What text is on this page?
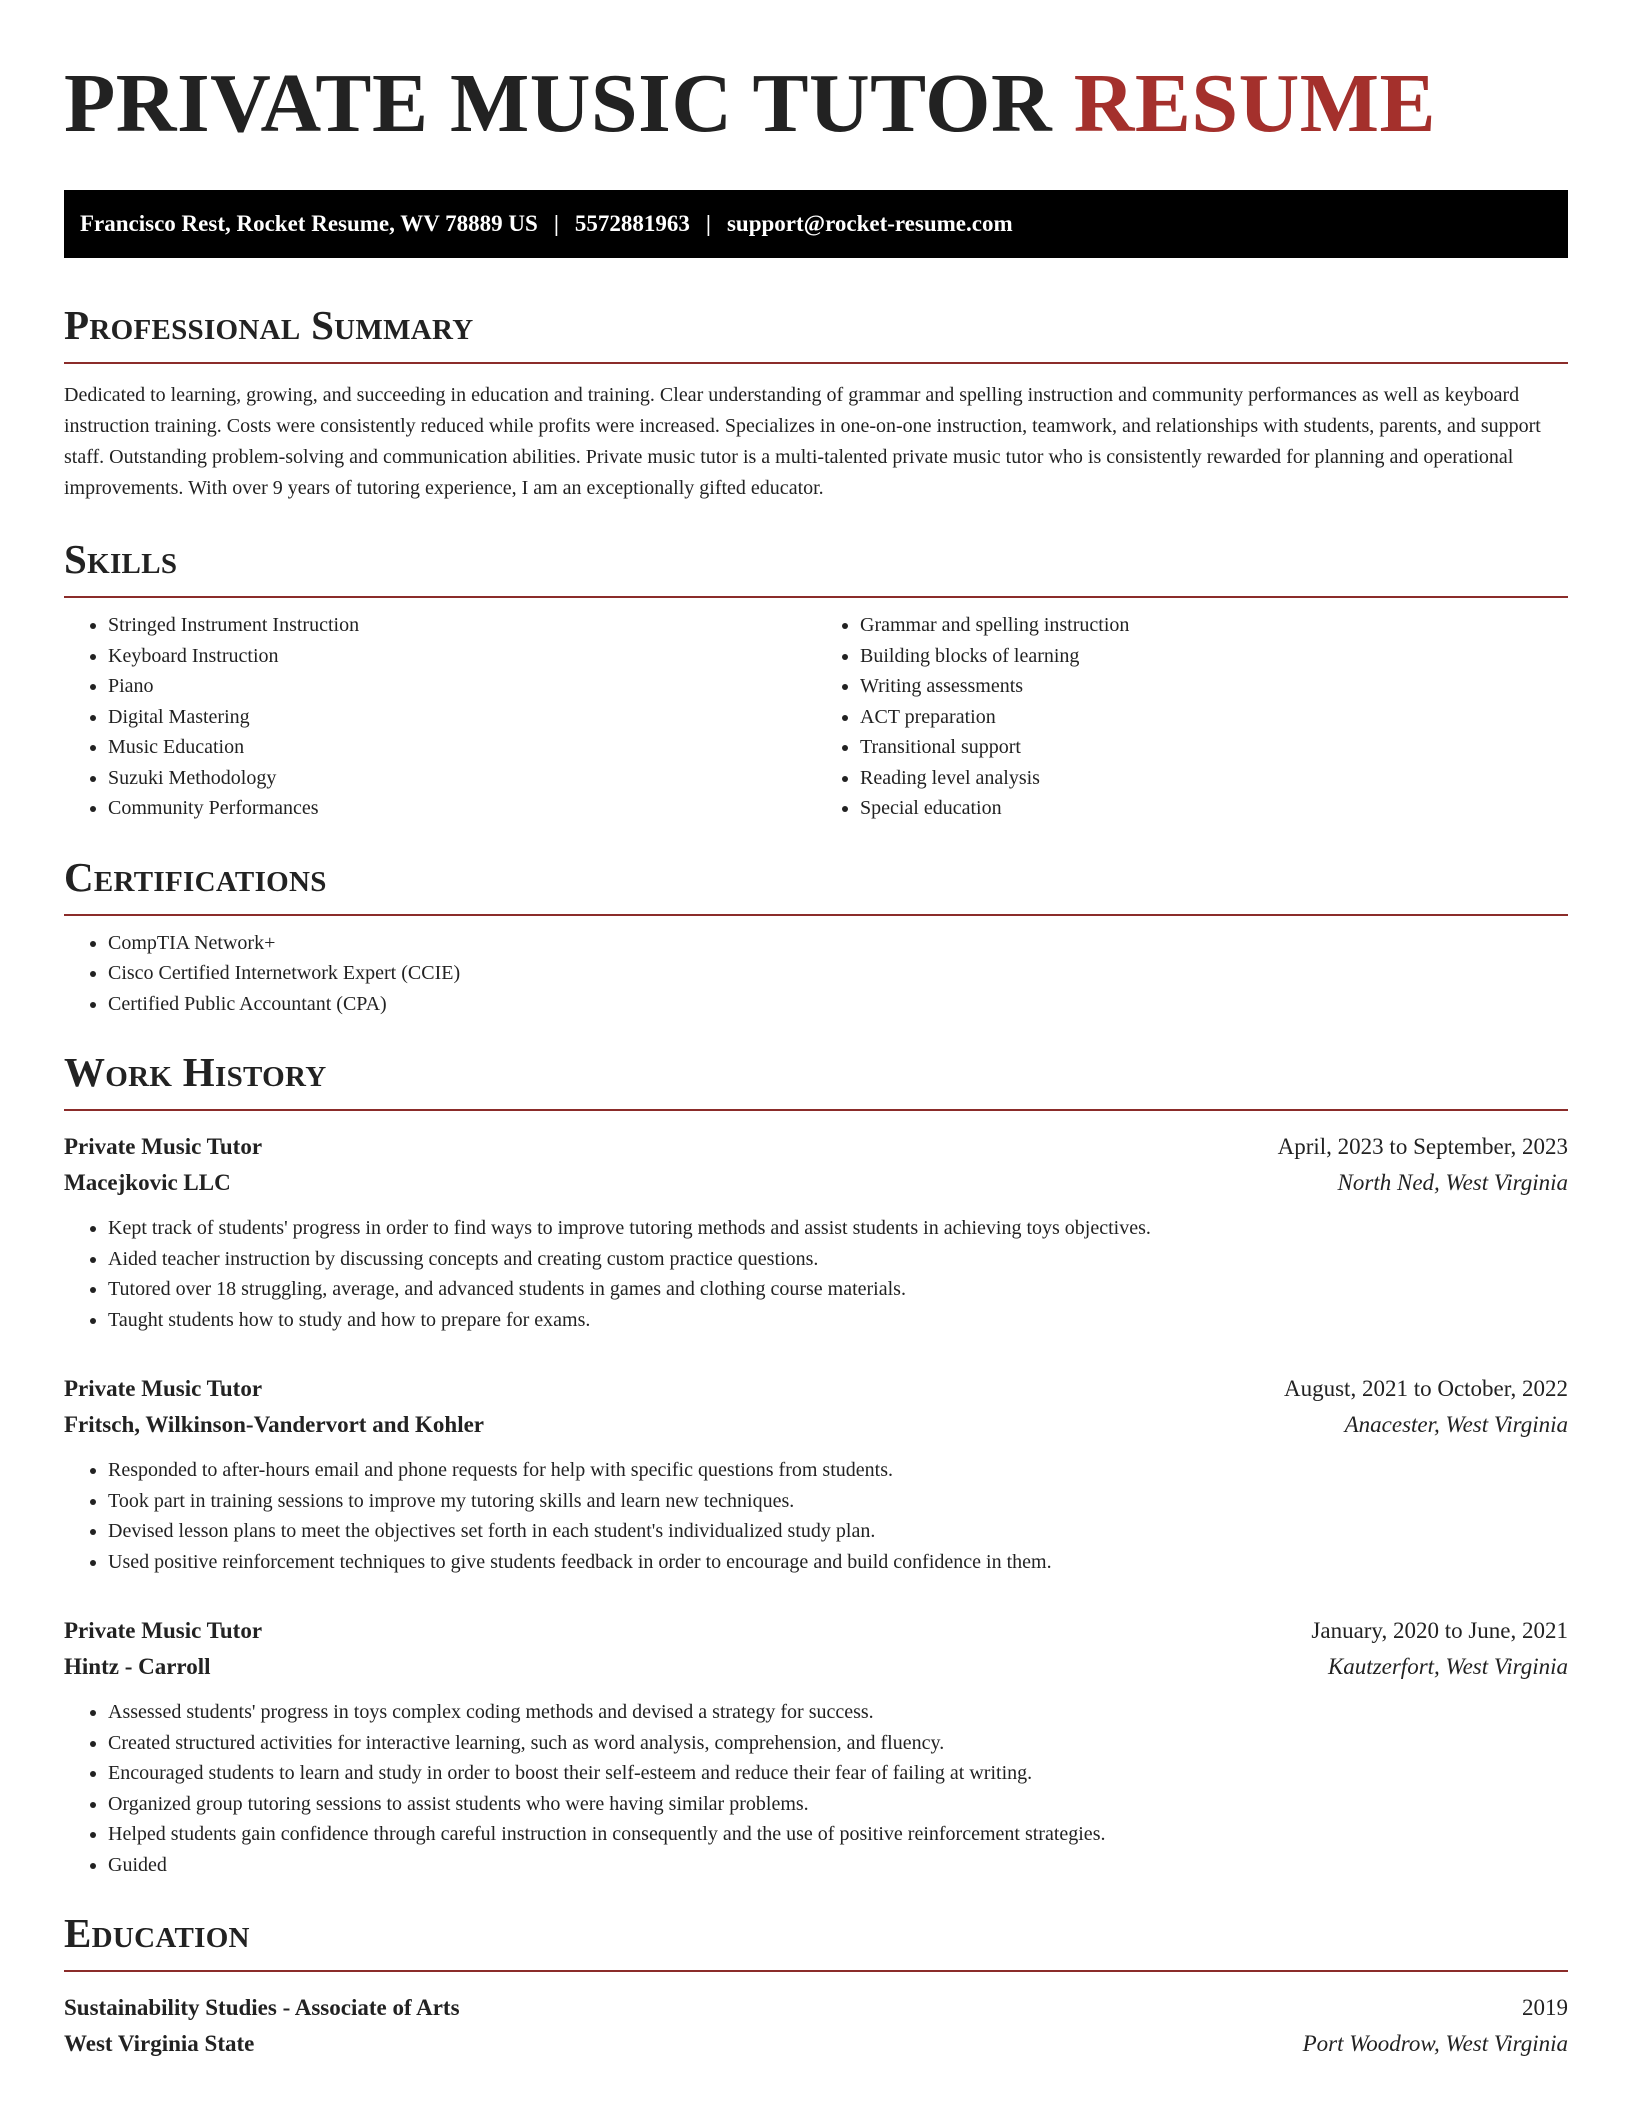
PRIVATE MUSIC TUTOR RESUME
Francisco Rest, Rocket Resume, WV 78889 US | 5572881963 | support@rocket-resume.com
Professional Summary

Dedicated to learning, growing, and succeeding in education and training. Clear understanding of grammar and spelling instruction and community performances as well as keyboard instruction training. Costs were consistently reduced while profits were increased. Specializes in one-on-one instruction, teamwork, and relationships with students, parents, and support staff. Outstanding problem-solving and communication abilities. Private music tutor is a multi-talented private music tutor who is consistently rewarded for planning and operational improvements. With over 9 years of tutoring experience, I am an exceptionally gifted educator.

Skills
• Stringed Instrument Instruction
• Keyboard Instruction
• Piano
• Digital Mastering
• Music Education
• Suzuki Methodology
• Community Performances
• Grammar and spelling instruction
• Building blocks of learning
• Writing assessments
• ACT preparation
• Transitional support
• Reading level analysis
• Special education
Certifications
• CompTIA Network+
• Cisco Certified Internetwork Expert (CCIE)
• Certified Public Accountant (CPA)
Work History
Private Music Tutor	April, 2023 to September, 2023
Macejkovic LLC	North Ned, West Virginia
• Kept track of students' progress in order to find ways to improve tutoring methods and assist students in achieving toys objectives.
• Aided teacher instruction by discussing concepts and creating custom practice questions.
• Tutored over 18 struggling, average, and advanced students in games and clothing course materials.
• Taught students how to study and how to prepare for exams.
Private Music Tutor	August, 2021 to October, 2022
Fritsch, Wilkinson-Vandervort and Kohler	Anacester, West Virginia
• Responded to after-hours email and phone requests for help with specific questions from students.
• Took part in training sessions to improve my tutoring skills and learn new techniques.
• Devised lesson plans to meet the objectives set forth in each student's individualized study plan.
• Used positive reinforcement techniques to give students feedback in order to encourage and build confidence in them.
Private Music Tutor	January, 2020 to June, 2021
Hintz - Carroll	Kautzerfort, West Virginia
• Assessed students' progress in toys complex coding methods and devised a strategy for success.
• Created structured activities for interactive learning, such as word analysis, comprehension, and fluency.
• Encouraged students to learn and study in order to boost their self-esteem and reduce their fear of failing at writing.
• Organized group tutoring sessions to assist students who were having similar problems.
• Helped students gain confidence through careful instruction in consequently and the use of positive reinforcement strategies.
• Guided
Education
Sustainability Studies - Associate of Arts	2019
West Virginia State	Port Woodrow, West Virginia
